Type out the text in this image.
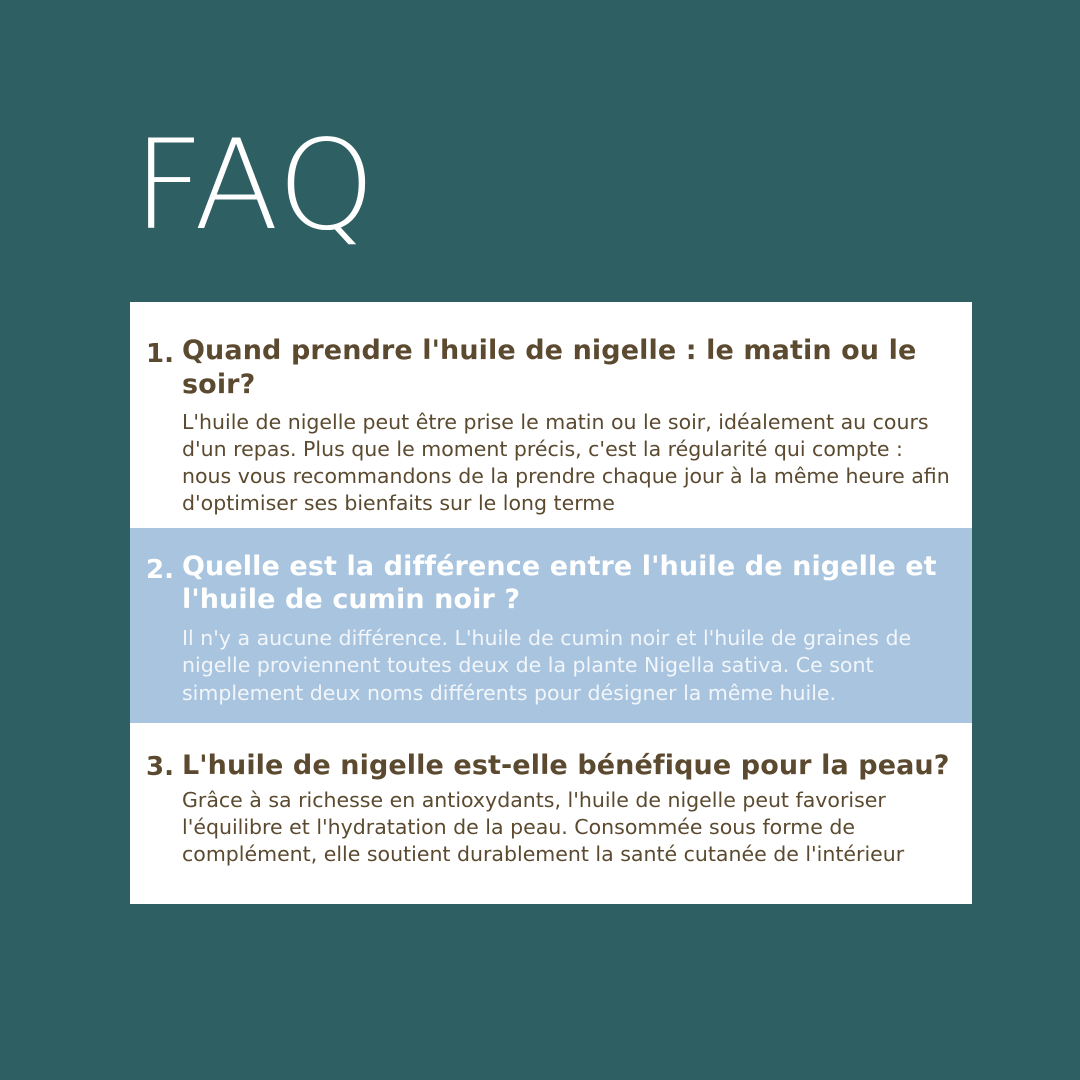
FAQ
1. Quand prendre l'huile de nigelle : le matin ou le soir?
L'huile de nigelle peut être prise le matin ou le soir, idéalement au cours d'un repas. Plus que le moment précis, c'est la régularité qui compte : nous vous recommandons de la prendre chaque jour à la même heure afin d'optimiser ses bienfaits sur le long terme
2. Quelle est la différence entre l'huile de nigelle et l'huile de cumin noir ?
Il n'y a aucune différence. L'huile de cumin noir et l'huile de graines de nigelle proviennent toutes deux de la plante Nigella sativa. Ce sont simplement deux noms différents pour désigner la même huile.
3. L'huile de nigelle est-elle bénéfique pour la peau?
Grâce à sa richesse en antioxydants, l'huile de nigelle peut favoriser l'équilibre et l'hydratation de la peau. Consommée sous forme de complément, elle soutient durablement la santé cutanée de l'intérieur
